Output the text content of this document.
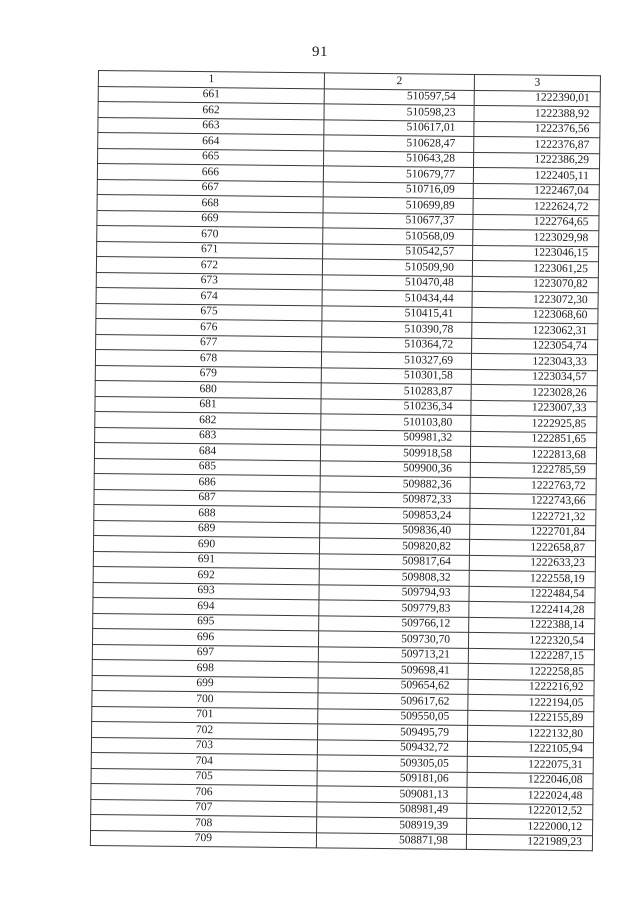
91
1	2	3
661	510597,54	1222390,01
662	510598,23	1222388,92
663	510617,01	1222376,56
664	510628,47	1222376,87
665	510643,28	1222386,29
666	510679,77	1222405,11
667	510716,09	1222467,04
668	510699,89	1222624,72
669	510677,37	1222764,65
670	510568,09	1223029,98
671	510542,57	1223046,15
672	510509,90	1223061,25
673	510470,48	1223070,82
674	510434,44	1223072,30
675	510415,41	1223068,60
676	510390,78	1223062,31
677	510364,72	1223054,74
678	510327,69	1223043,33
679	510301,58	1223034,57
680	510283,87	1223028,26
681	510236,34	1223007,33
682	510103,80	1222925,85
683	509981,32	1222851,65
684	509918,58	1222813,68
685	509900,36	1222785,59
686	509882,36	1222763,72
687	509872,33	1222743,66
688	509853,24	1222721,32
689	509836,40	1222701,84
690	509820,82	1222658,87
691	509817,64	1222633,23
692	509808,32	1222558,19
693	509794,93	1222484,54
694	509779,83	1222414,28
695	509766,12	1222388,14
696	509730,70	1222320,54
697	509713,21	1222287,15
698	509698,41	1222258,85
699	509654,62	1222216,92
700	509617,62	1222194,05
701	509550,05	1222155,89
702	509495,79	1222132,80
703	509432,72	1222105,94
704	509305,05	1222075,31
705	509181,06	1222046,08
706	509081,13	1222024,48
707	508981,49	1222012,52
708	508919,39	1222000,12
709	508871,98	1221989,23
